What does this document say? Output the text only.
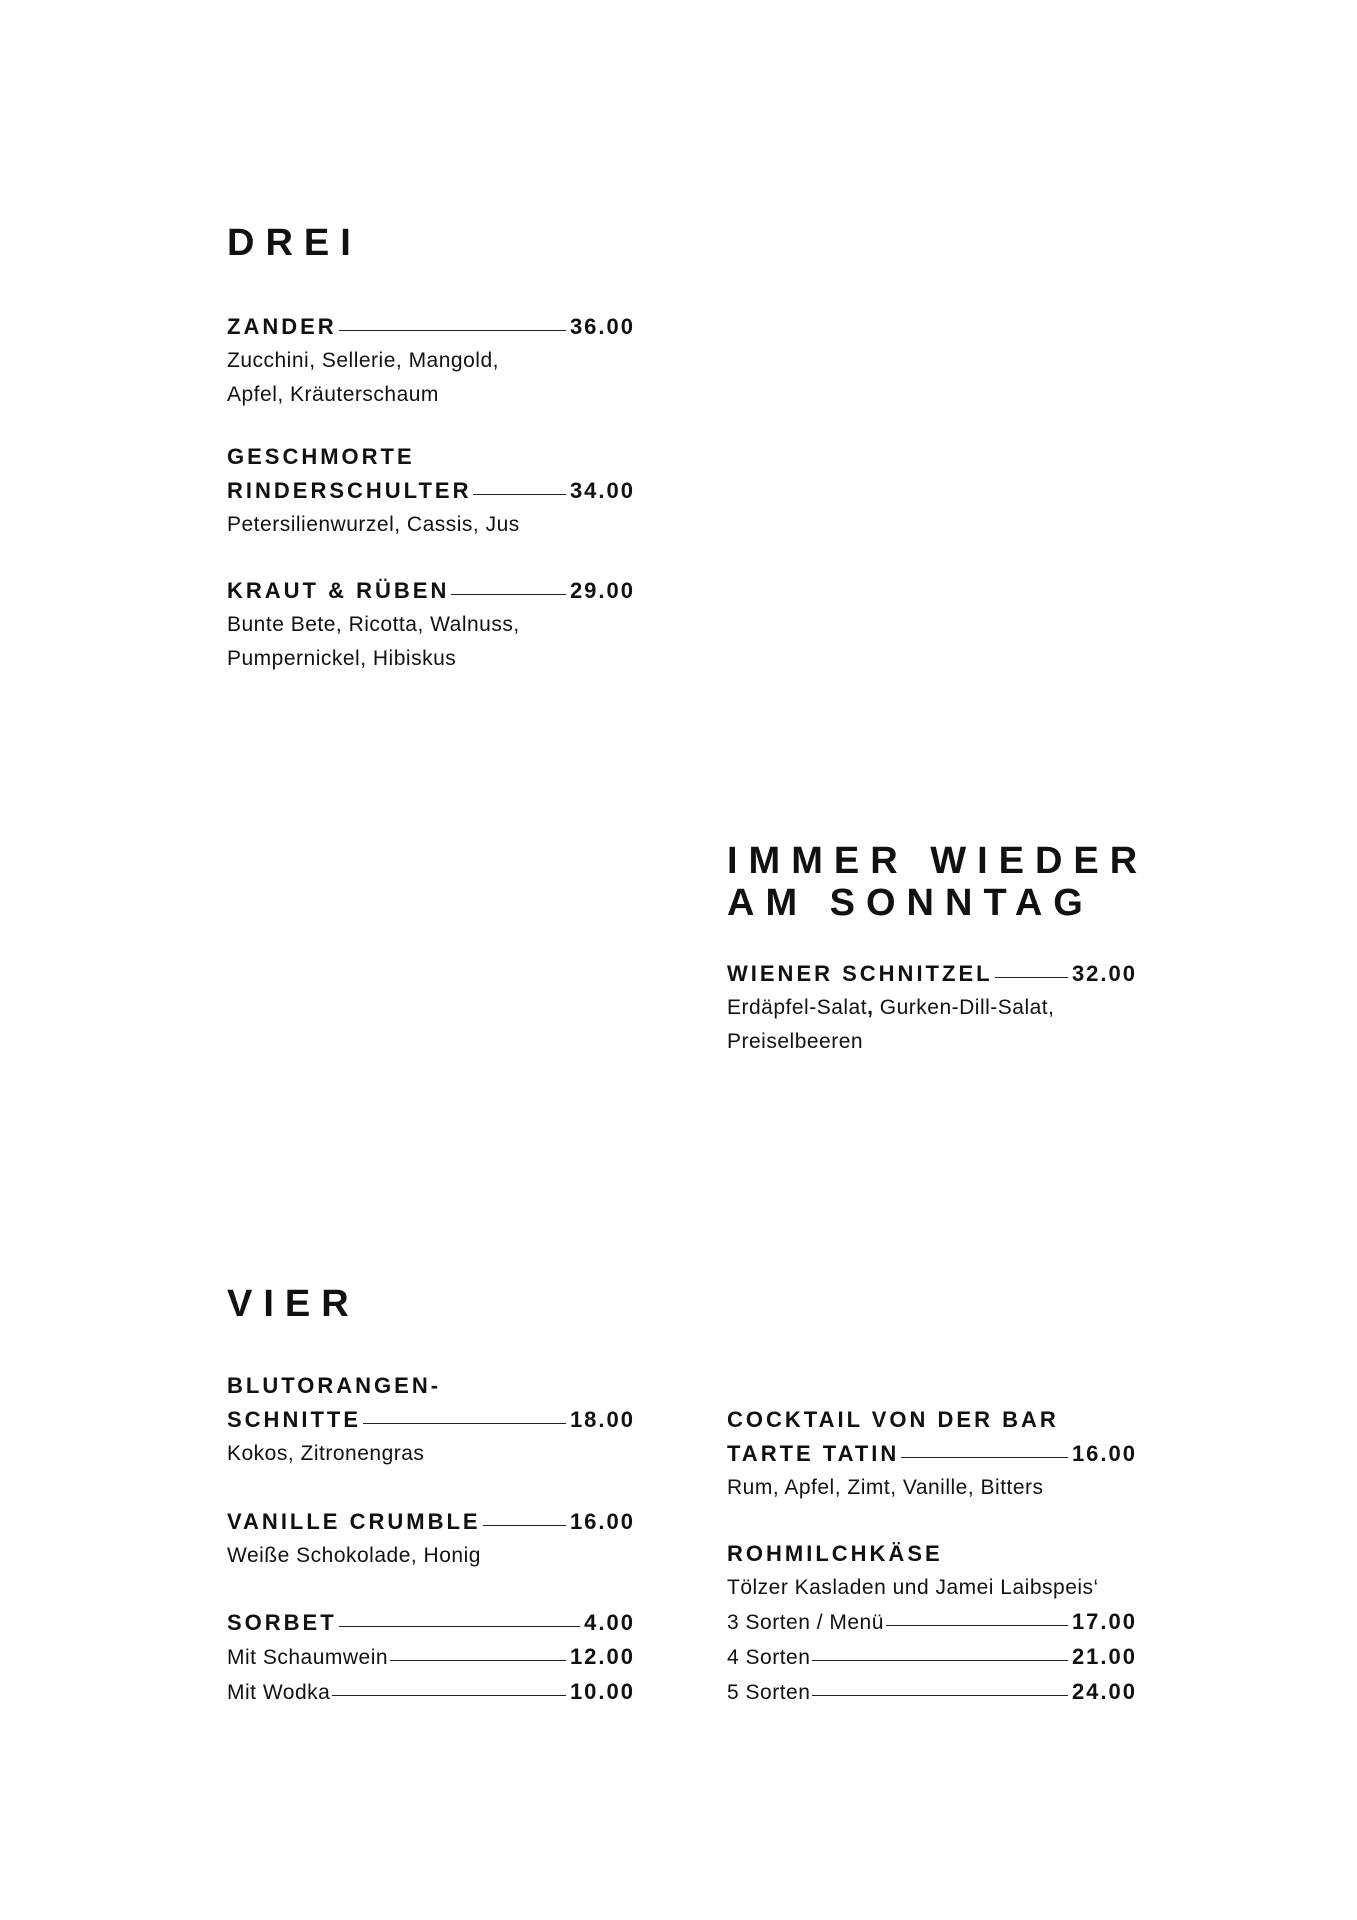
DREI
ZANDER	36.00

Zucchini, Sellerie, Mangold,

Apfel, Kräuterschaum

GESCHMORTE
RINDERSCHULTER	34.00

Petersilienwurzel, Cassis, Jus

KRAUT & RÜBEN	29.00

Bunte Bete, Ricotta, Walnuss,

Pumpernickel, Hibiskus

IMMER WIEDER
AM SONNTAG
WIENER SCHNITZEL	32.00

Erdäpfel-Salat, Gurken-Dill-Salat,

Preiselbeeren

VIER
BLUTORANGEN-
SCHNITTE	18.00

Kokos, Zitronengras

VANILLE CRUMBLE	16.00

Weiße Schokolade, Honig

SORBET	4.00
Mit Schaumwein	12.00
Mit Wodka	10.00
COCKTAIL VON DER BAR
TARTE TATIN	16.00

Rum, Apfel, Zimt, Vanille, Bitters

ROHMILCHKÄSE

Tölzer Kasladen und Jamei Laibspeis‘

3 Sorten / Menü	17.00
4 Sorten	21.00
5 Sorten	24.00
